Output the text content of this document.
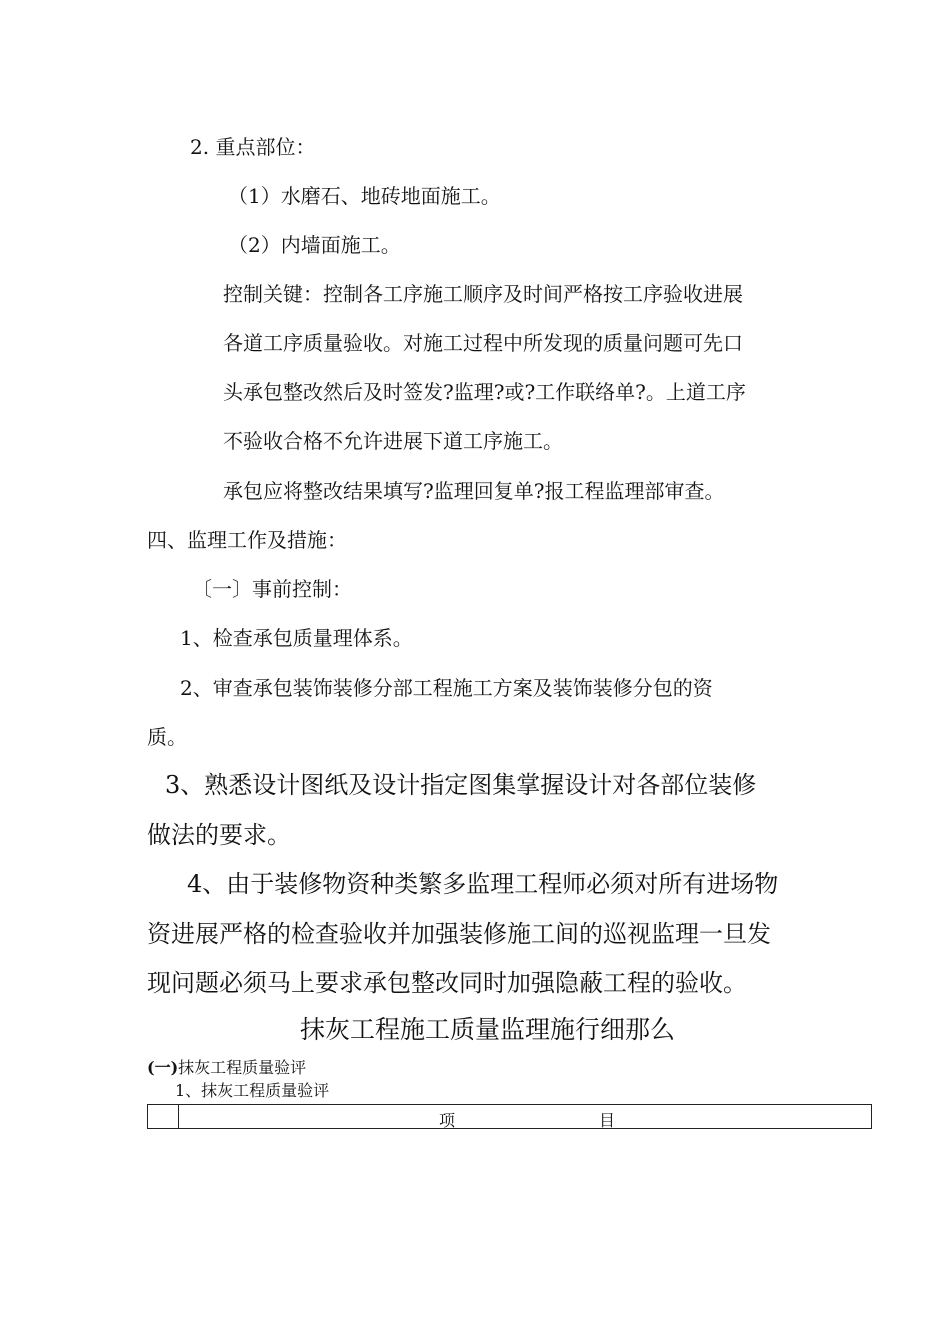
2. 重点部位：
（1）水磨石、地砖地面施工。
（2）内墙面施工。
控制关键：控制各工序施工顺序及时间严格按工序验收进展
各道工序质量验收。对施工过程中所发现的质量问题可先口
头承包整改然后及时签发?监理?或?工作联络单?。上道工序
不验收合格不允许进展下道工序施工。
承包应将整改结果填写?监理回复单?报工程监理部审查。
四、监理工作及措施：
〔一〕事前控制：
1、检查承包质量理体系。
2、审查承包装饰装修分部工程施工方案及装饰装修分包的资
质。
3、熟悉设计图纸及设计指定图集掌握设计对各部位装修
做法的要求。
4、由于装修物资种类繁多监理工程师必须对所有进场物
资进展严格的检查验收并加强装修施工间的巡视监理一旦发
现问题必须马上要求承包整改同时加强隐蔽工程的验收。
抹灰工程施工质量监理施行细那么
(一)抹灰工程质量验评
1、抹灰工程质量验评
项	目
